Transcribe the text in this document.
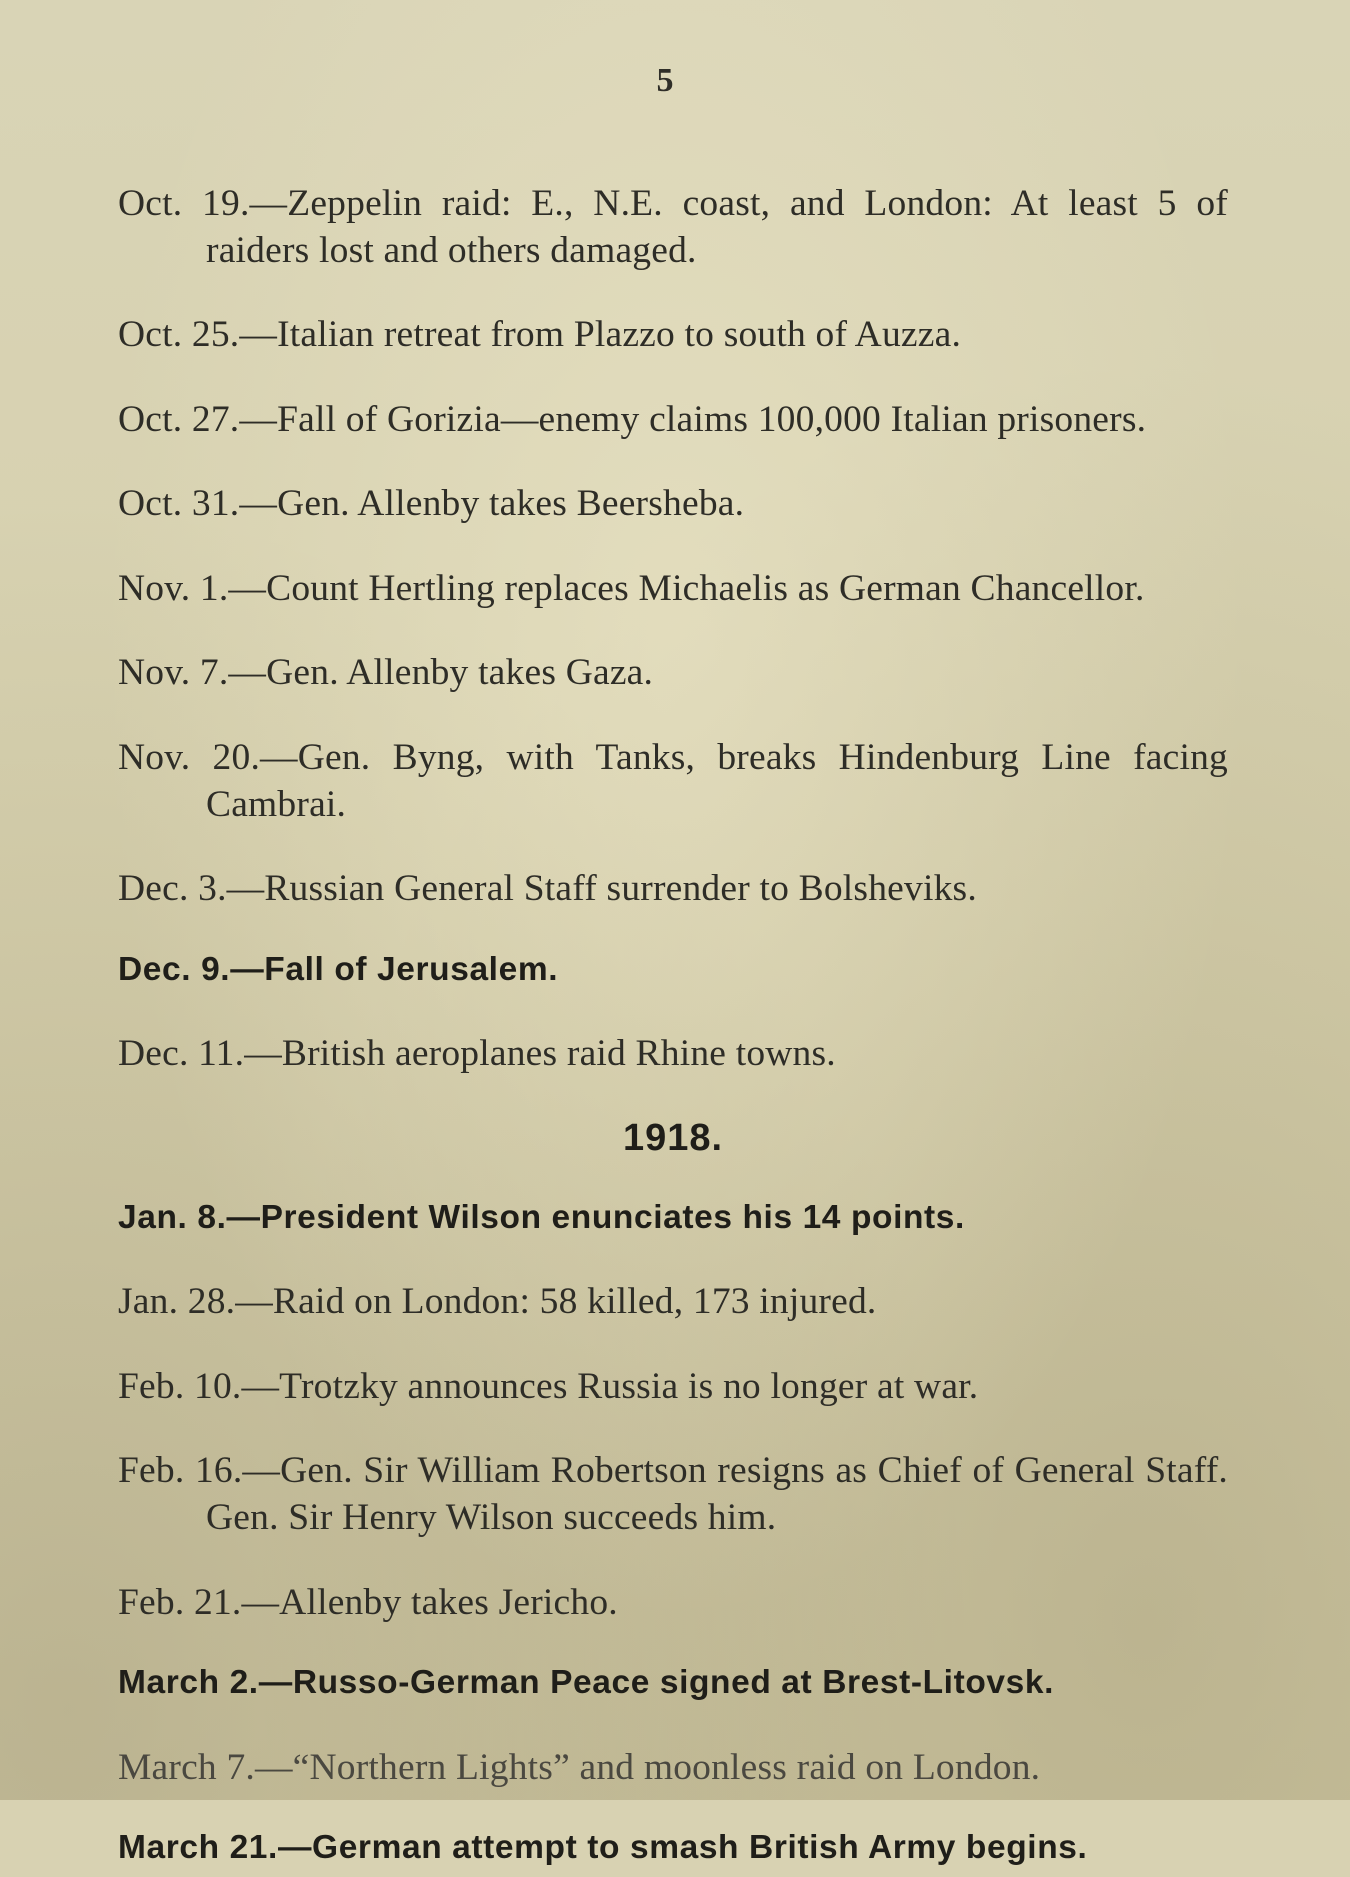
5

Oct. 19.—Zeppelin raid: E., N.E. coast, and London: At least 5 of raiders lost and others damaged.

Oct. 25.—Italian retreat from Plazzo to south of Auzza.

Oct. 27.—Fall of Gorizia—enemy claims 100,000 Italian prisoners.

Oct. 31.—Gen. Allenby takes Beersheba.

Nov. 1.—Count Hertling replaces Michaelis as German Chancellor.

Nov. 7.—Gen. Allenby takes Gaza.

Nov. 20.—Gen. Byng, with Tanks, breaks Hindenburg Line facing Cambrai.

Dec. 3.—Russian General Staff surrender to Bolsheviks.

Dec. 9.—Fall of Jerusalem.

Dec. 11.—British aeroplanes raid Rhine towns.

1918.

Jan. 8.—President Wilson enunciates his 14 points.

Jan. 28.—Raid on London: 58 killed, 173 injured.

Feb. 10.—Trotzky announces Russia is no longer at war.

Feb. 16.—Gen. Sir William Robertson resigns as Chief of General Staff. Gen. Sir Henry Wilson succeeds him.

Feb. 21.—Allenby takes Jericho.

March 2.—Russo-German Peace signed at Brest-Litovsk.

March 7.—“Northern Lights” and moonless raid on London.

March 21.—German attempt to smash British Army begins.
